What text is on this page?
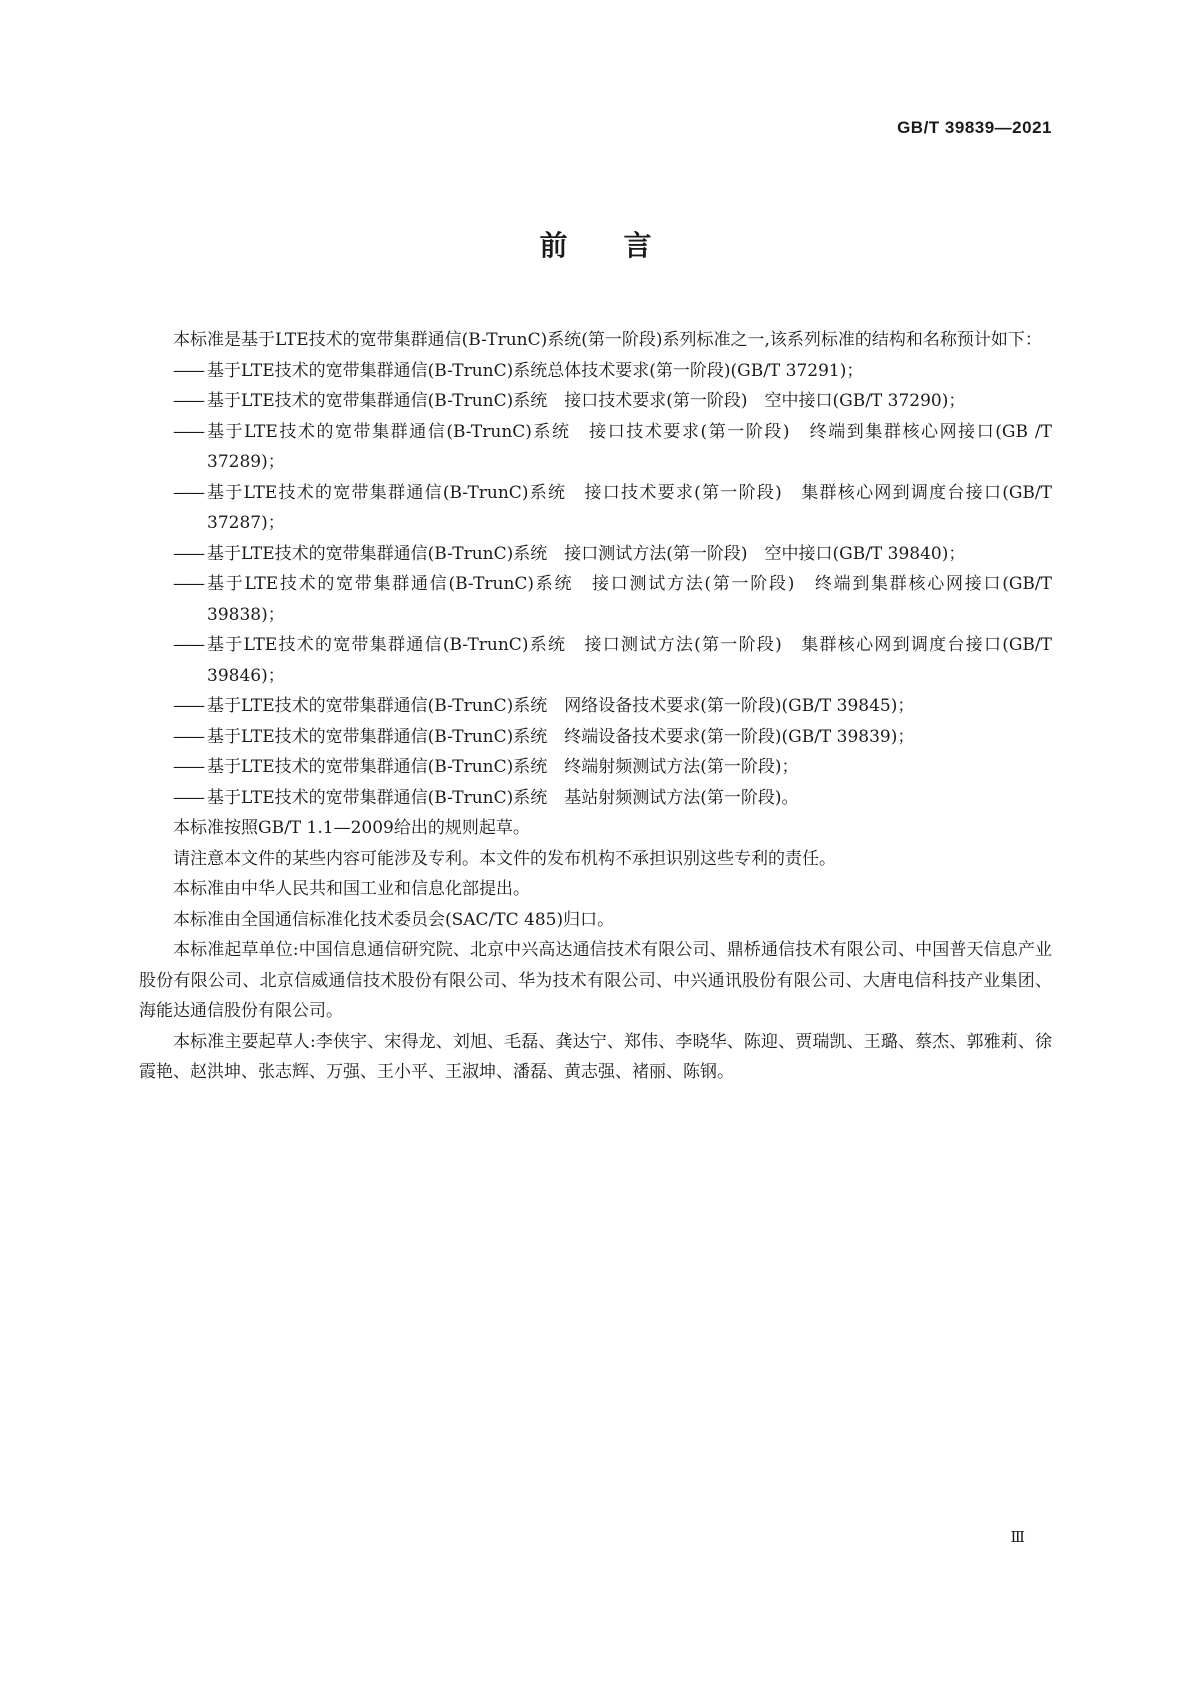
GB/T 39839—2021
前　　言

本标准是基于LTE技术的宽带集群通信(B-TrunC)系统(第一阶段)系列标准之一,该系列标准的结构和名称预计如下：

—— 基于LTE技术的宽带集群通信(B-TrunC)系统总体技术要求(第一阶段)(GB/T 37291)；
—— 基于LTE技术的宽带集群通信(B-TrunC)系统　接口技术要求(第一阶段)　空中接口(GB/T 37290)；
—— 基于LTE技术的宽带集群通信(B-TrunC)系统　接口技术要求(第一阶段)　终端到集群核心网接口(GB /T 37289)；
—— 基于LTE技术的宽带集群通信(B-TrunC)系统　接口技术要求(第一阶段)　集群核心网到调度台接口(GB/T 37287)；
—— 基于LTE技术的宽带集群通信(B-TrunC)系统　接口测试方法(第一阶段)　空中接口(GB/T 39840)；
—— 基于LTE技术的宽带集群通信(B-TrunC)系统　接口测试方法(第一阶段)　终端到集群核心网接口(GB/T 39838)；
—— 基于LTE技术的宽带集群通信(B-TrunC)系统　接口测试方法(第一阶段)　集群核心网到调度台接口(GB/T 39846)；
—— 基于LTE技术的宽带集群通信(B-TrunC)系统　网络设备技术要求(第一阶段)(GB/T 39845)；
—— 基于LTE技术的宽带集群通信(B-TrunC)系统　终端设备技术要求(第一阶段)(GB/T 39839)；
—— 基于LTE技术的宽带集群通信(B-TrunC)系统　终端射频测试方法(第一阶段)；
—— 基于LTE技术的宽带集群通信(B-TrunC)系统　基站射频测试方法(第一阶段)。

本标准按照GB/T 1.1—2009给出的规则起草。

请注意本文件的某些内容可能涉及专利。本文件的发布机构不承担识别这些专利的责任。

本标准由中华人民共和国工业和信息化部提出。

本标准由全国通信标准化技术委员会(SAC/TC 485)归口。

本标准起草单位:中国信息通信研究院、北京中兴高达通信技术有限公司、鼎桥通信技术有限公司、中国普天信息产业股份有限公司、北京信威通信技术股份有限公司、华为技术有限公司、中兴通讯股份有限公司、大唐电信科技产业集团、海能达通信股份有限公司。

本标准主要起草人:李侠宇、宋得龙、刘旭、毛磊、龚达宁、郑伟、李晓华、陈迎、贾瑞凯、王璐、蔡杰、郭雅莉、徐霞艳、赵洪坤、张志辉、万强、王小平、王淑坤、潘磊、黄志强、褚丽、陈钢。

Ⅲ
